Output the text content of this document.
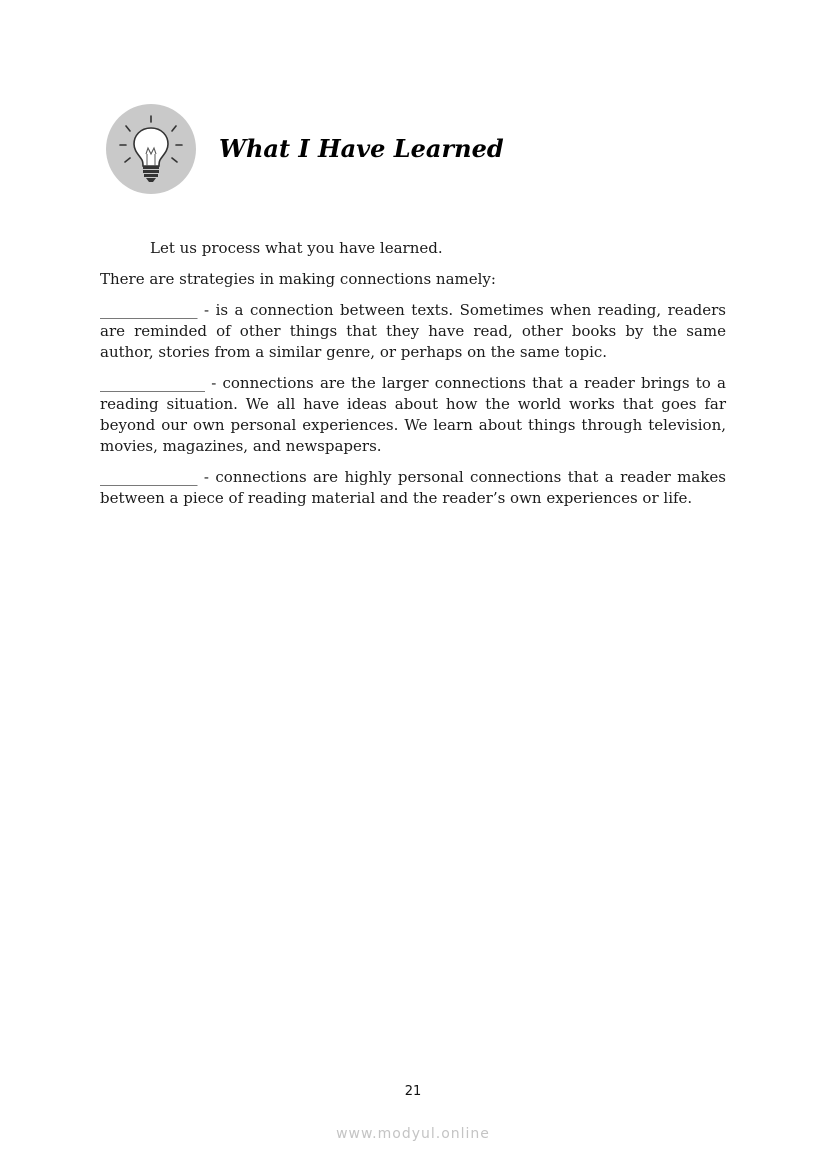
What I Have Learned

Let us process what you have learned.

There are strategies in making connections namely:

_____________ - is a connection between texts. Sometimes when reading, readers are reminded of other things that they have read, other books by the same author, stories from a similar genre, or perhaps on the same topic.

______________ - connections are the larger connections that a reader brings to a reading situation. We all have ideas about how the world works that goes far beyond our own personal experiences. We learn about things through television, movies, magazines, and newspapers.

_____________ - connections are highly personal connections that a reader makes between a piece of reading material and the reader’s own experiences or life.

21
www.modyul.online
